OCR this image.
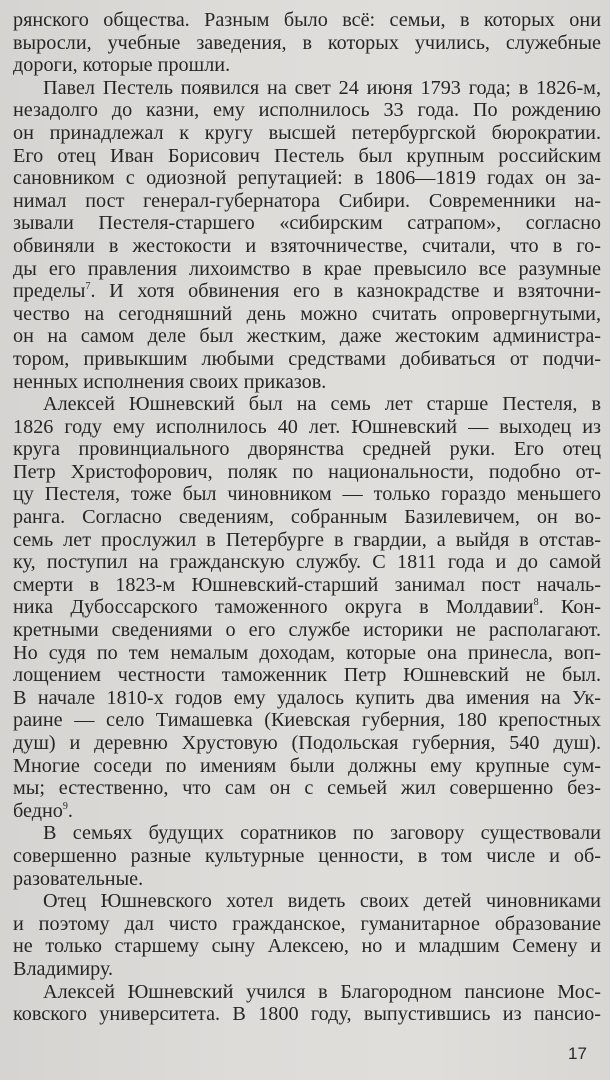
рянского общества. Разным было всё: семьи, в которых они
выросли, учебные заведения, в которых учились, служебные
дороги, которые прошли.
Павел Пестель появился на свет 24 июня 1793 года; в 1826-м,
незадолго до казни, ему исполнилось 33 года. По рождению
он принадлежал к кругу высшей петербургской бюрократии.
Его отец Иван Борисович Пестель был крупным российским
сановником с одиозной репутацией: в 1806—1819 годах он за-
нимал пост генерал-губернатора Сибири. Современники на-
зывали Пестеля-старшего «сибирским сатрапом», согласно
обвиняли в жестокости и взяточничестве, считали, что в го-
ды его правления лихоимство в крае превысило все разумные
пределы$^7$. И хотя обвинения его в казнокрадстве и взяточни-
чество на сегодняшний день можно считать опровергнутыми,
он на самом деле был жестким, даже жестоким администра-
тором, привыкшим любыми средствами добиваться от подчи-
ненных исполнения своих приказов.
Алексей Юшневский был на семь лет старше Пестеля, в
1826 году ему исполнилось 40 лет. Юшневский — выходец из
круга провинциального дворянства средней руки. Его отец
Петр Христофорович, поляк по национальности, подобно от-
цу Пестеля, тоже был чиновником — только гораздо меньшего
ранга. Согласно сведениям, собранным Базилевичем, он во-
семь лет прослужил в Петербурге в гвардии, а выйдя в отстав-
ку, поступил на гражданскую службу. С 1811 года и до самой
смерти в 1823-м Юшневский-старший занимал пост началь-
ника Дубоссарского таможенного округа в Молдавии$^8$. Кон-
кретными сведениями о его службе историки не располагают.
Но судя по тем немалым доходам, которые она принесла, воп-
лощением честности таможенник Петр Юшневский не был.
В начале 1810-х годов ему удалось купить два имения на Ук-
раине — село Тимашевка (Киевская губерния, 180 крепостных
душ) и деревню Хрустовую (Подольская губерния, 540 душ).
Многие соседи по имениям были должны ему крупные сум-
мы; естественно, что сам он с семьей жил совершенно без-
бедно$^9$.
В семьях будущих соратников по заговору существовали
совершенно разные культурные ценности, в том числе и об-
разовательные.
Отец Юшневского хотел видеть своих детей чиновниками
и поэтому дал чисто гражданское, гуманитарное образование
не только старшему сыну Алексею, но и младшим Семену и
Владимиру.
Алексей Юшневский учился в Благородном пансионе Мос-
ковского университета. В 1800 году, выпустившись из пансио-
17
